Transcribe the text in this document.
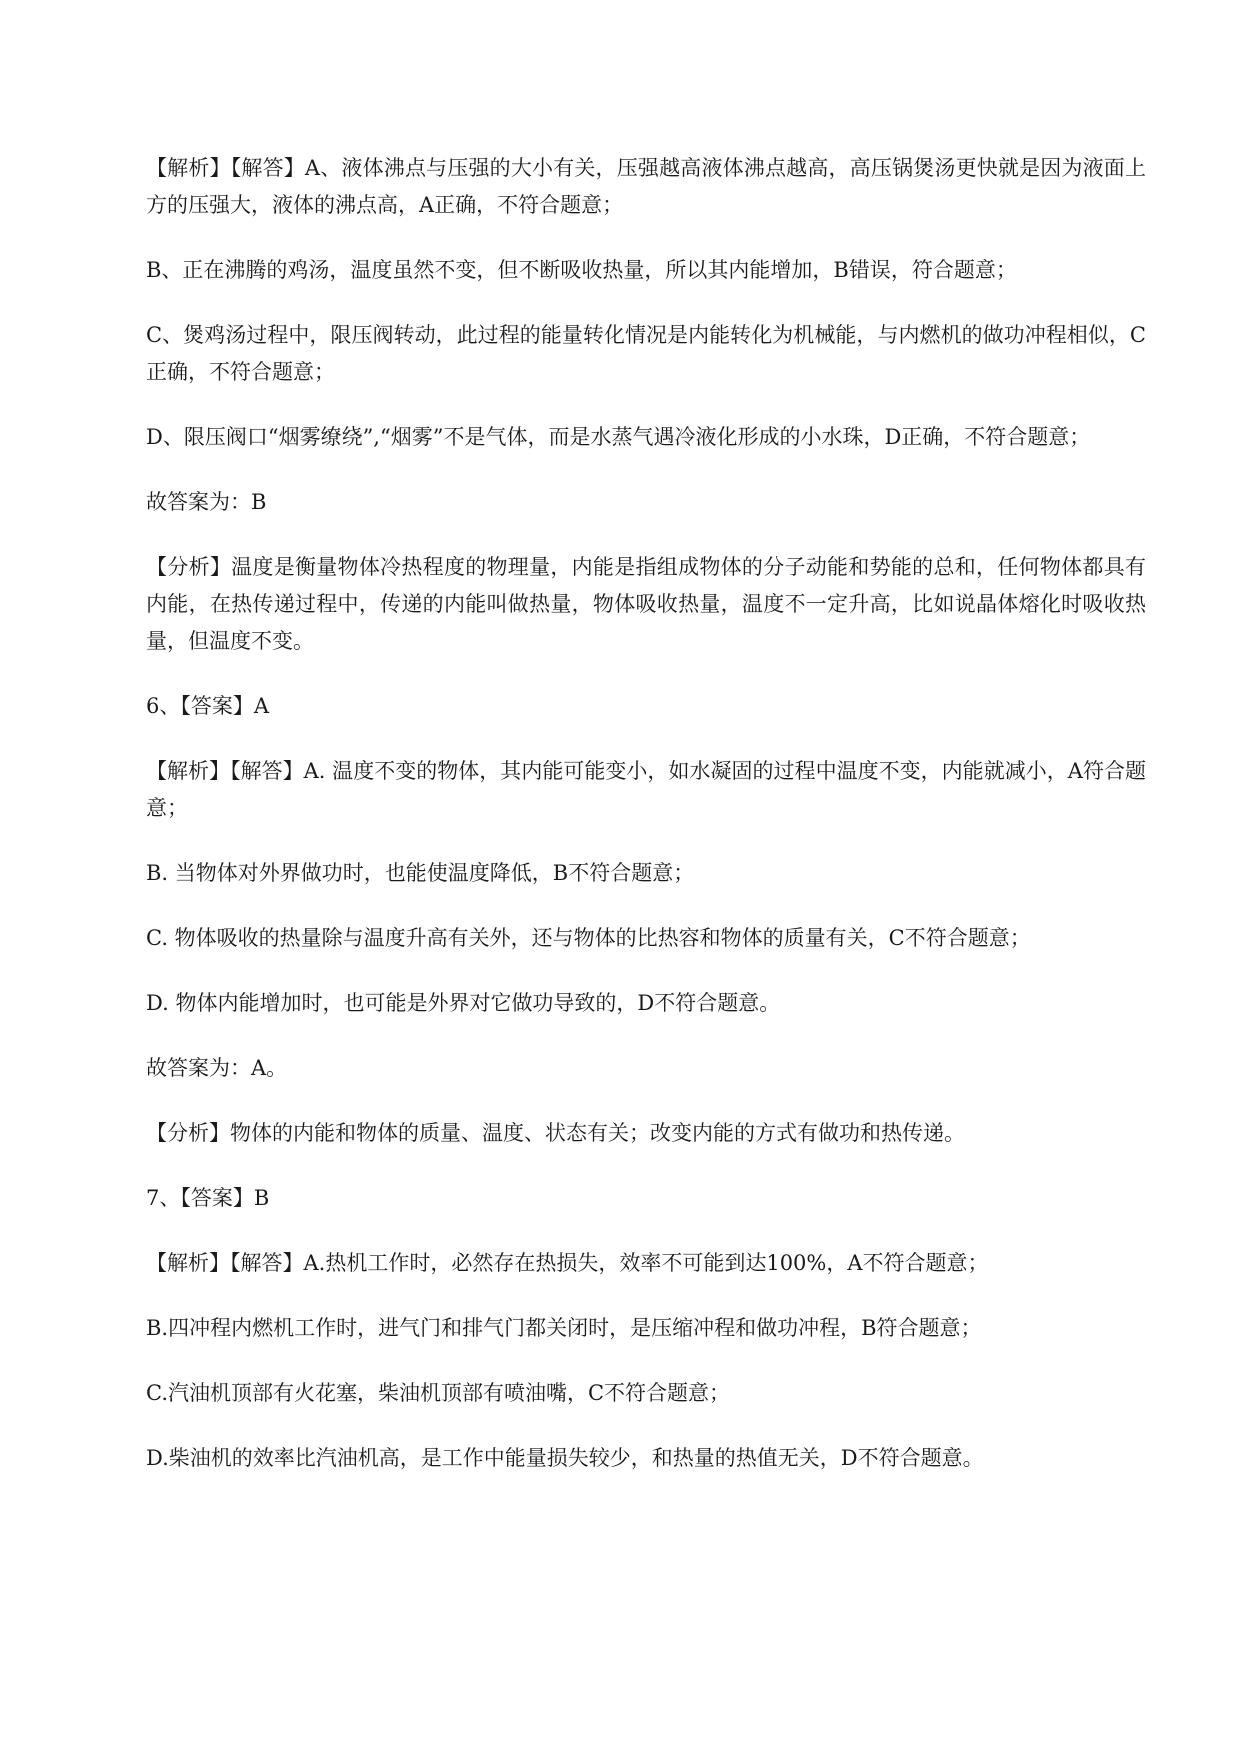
【解析】【解答】A、液体沸点与压强的大小有关，压强越高液体沸点越高，高压锅煲汤更快就是因为液面上方的压强大，液体的沸点高，A正确，不符合题意；

B、正在沸腾的鸡汤，温度虽然不变，但不断吸收热量，所以其内能增加，B错误，符合题意；

C、煲鸡汤过程中，限压阀转动，此过程的能量转化情况是内能转化为机械能，与内燃机的做功冲程相似，C正确，不符合题意；

D、限压阀口“烟雾缭绕”,“烟雾”不是气体，而是水蒸气遇冷液化形成的小水珠，D正确，不符合题意；

故答案为：B

【分析】温度是衡量物体冷热程度的物理量，内能是指组成物体的分子动能和势能的总和，任何物体都具有内能，在热传递过程中，传递的内能叫做热量，物体吸收热量，温度不一定升高，比如说晶体熔化时吸收热量，但温度不变。

6、【答案】A

【解析】【解答】A. 温度不变的物体，其内能可能变小，如水凝固的过程中温度不变，内能就减小，A符合题意；

B. 当物体对外界做功时，也能使温度降低，B不符合题意；

C. 物体吸收的热量除与温度升高有关外，还与物体的比热容和物体的质量有关，C不符合题意；

D. 物体内能增加时，也可能是外界对它做功导致的，D不符合题意。

故答案为：A。

【分析】物体的内能和物体的质量、温度、状态有关；改变内能的方式有做功和热传递。

7、【答案】B

【解析】【解答】A.热机工作时，必然存在热损失，效率不可能到达100%，A不符合题意；

B.四冲程内燃机工作时，进气门和排气门都关闭时，是压缩冲程和做功冲程，B符合题意；

C.汽油机顶部有火花塞，柴油机顶部有喷油嘴，C不符合题意；

D.柴油机的效率比汽油机高，是工作中能量损失较少，和热量的热值无关，D不符合题意。
